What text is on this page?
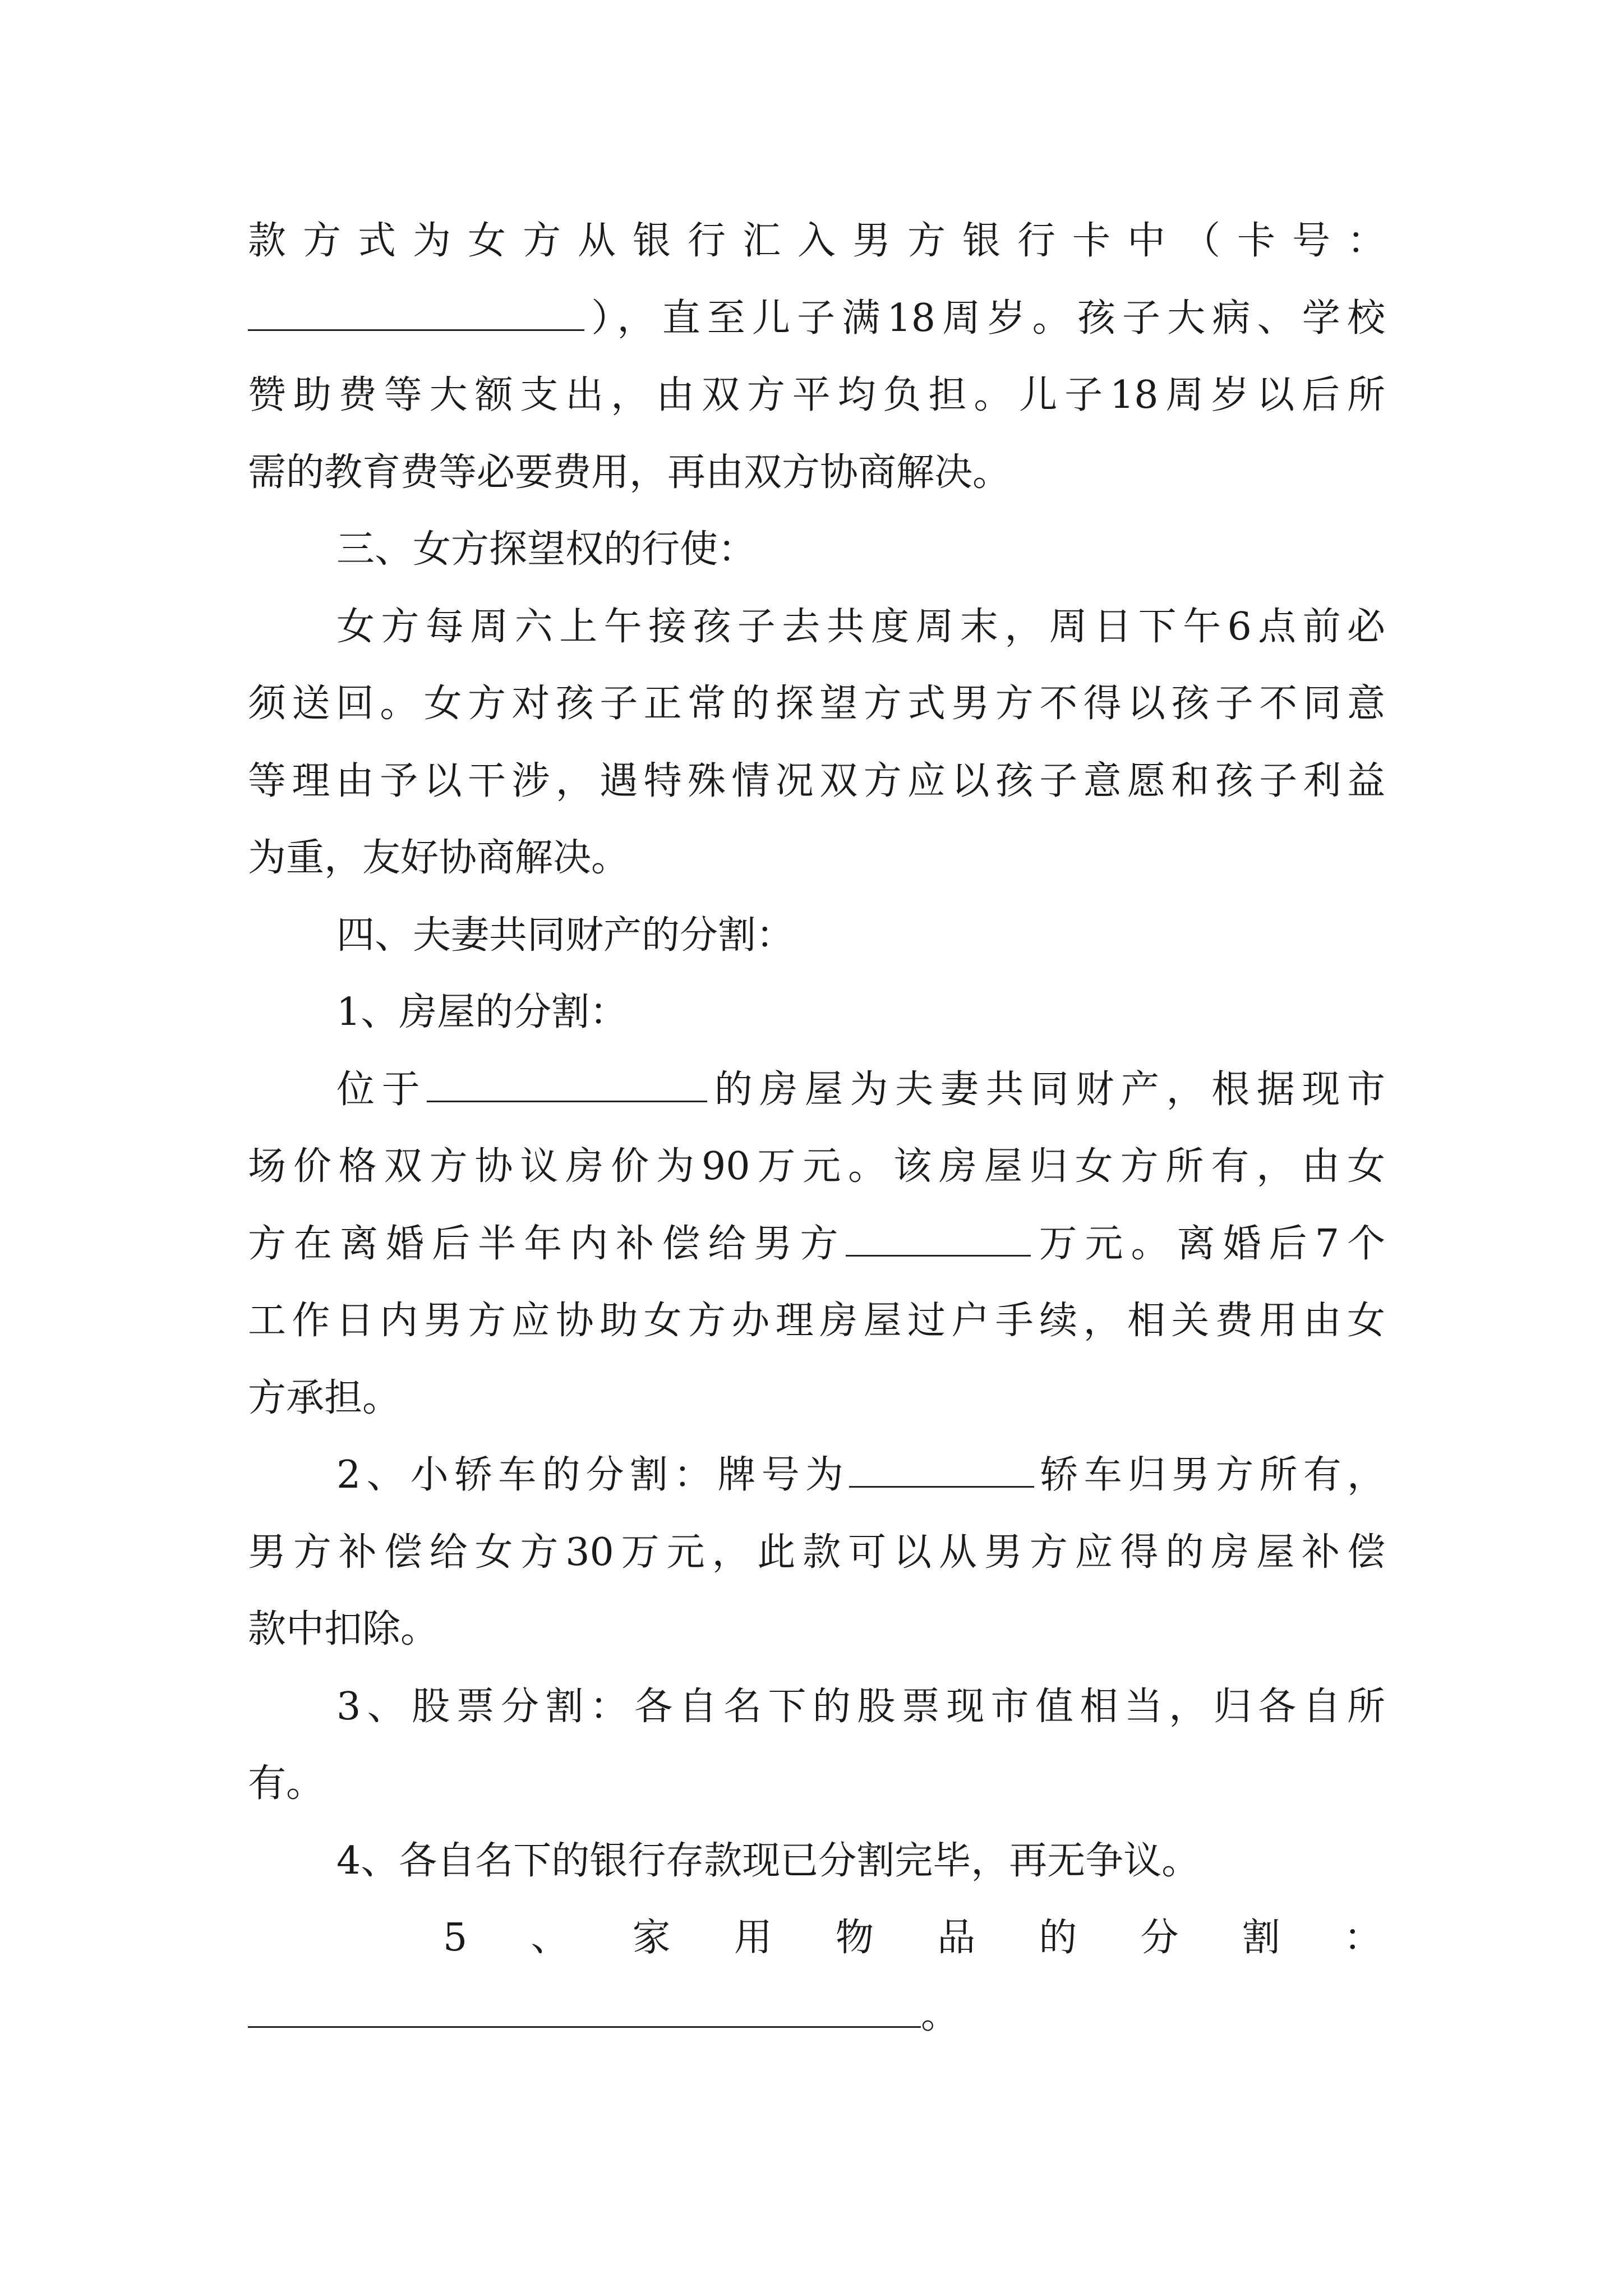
款方式为女方从银行汇入男方银行卡中（卡号：
），直至儿子满18周岁。孩子大病、学校
赞助费等大额支出，由双方平均负担。儿子18周岁以后所
需的教育费等必要费用，再由双方协商解决。
三、女方探望权的行使：
女方每周六上午接孩子去共度周末，周日下午6点前必
须送回。女方对孩子正常的探望方式男方不得以孩子不同意
等理由予以干涉，遇特殊情况双方应以孩子意愿和孩子利益
为重，友好协商解决。
四、夫妻共同财产的分割：
1、房屋的分割：
位于	的房屋为夫妻共同财产，根据现市
场价格双方协议房价为90万元。该房屋归女方所有，由女
方在离婚后半年内补偿给男方	万元。离婚后7个
工作日内男方应协助女方办理房屋过户手续，相关费用由女
方承担。
2、小轿车的分割：牌号为	轿车归男方所有，
男方补偿给女方30万元，此款可以从男方应得的房屋补偿
款中扣除。
3、股票分割：各自名下的股票现市值相当，归各自所
有。
4、各自名下的银行存款现已分割完毕，再无争议。
5、家用物品的分割：
。
